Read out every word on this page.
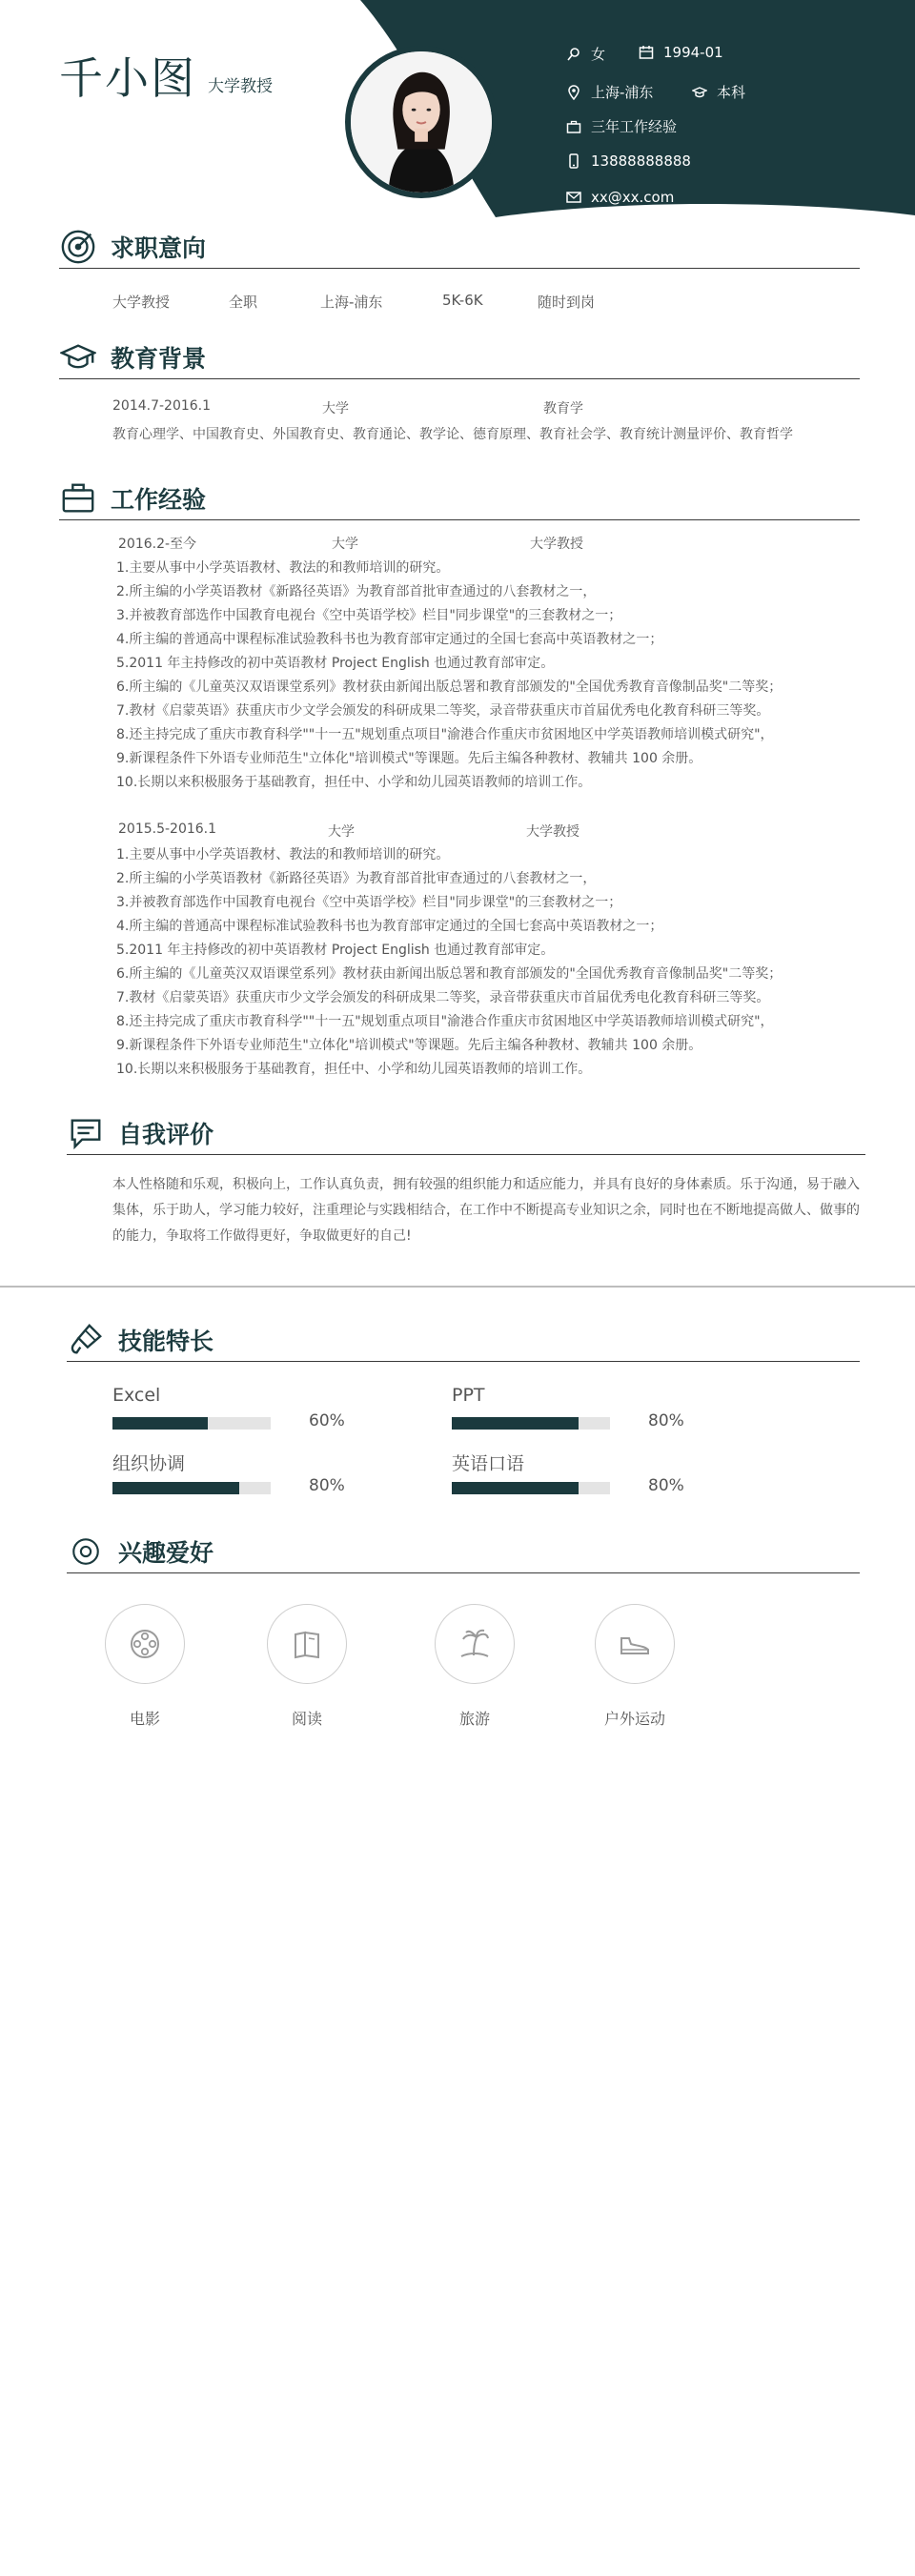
千小图 大学教授
女	1994-01
上海-浦东	本科
三年工作经验
13888888888
xx@xx.com
求职意向
大学教授	全职	上海-浦东	5K-6K	随时到岗
教育背景
2014.7-2016.1	大学	教育学
教育心理学、中国教育史、外国教育史、教育通论、教学论、德育原理、教育社会学、教育统计测量评价、教育哲学
工作经验
2016.2-至今	大学	大学教授
1.主要从事中小学英语教材、教法的和教师培训的研究。
2.所主编的小学英语教材《新路径英语》为教育部首批审查通过的八套教材之一，
3.并被教育部选作中国教育电视台《空中英语学校》栏目"同步课堂"的三套教材之一；
4.所主编的普通高中课程标准试验教科书也为教育部审定通过的全国七套高中英语教材之一；
5.2011 年主持修改的初中英语教材 Project English 也通过教育部审定。
6.所主编的《儿童英汉双语课堂系列》教材获由新闻出版总署和教育部颁发的"全国优秀教育音像制品奖"二等奖；
7.教材《启蒙英语》获重庆市少文学会颁发的科研成果二等奖，录音带获重庆市首届优秀电化教育科研三等奖。
8.还主持完成了重庆市教育科学""十一五"规划重点项目"渝港合作重庆市贫困地区中学英语教师培训模式研究"，
9.新课程条件下外语专业师范生"立体化"培训模式"等课题。先后主编各种教材、教辅共 100 余册。
10.长期以来积极服务于基础教育，担任中、小学和幼儿园英语教师的培训工作。
2015.5-2016.1	大学	大学教授
1.主要从事中小学英语教材、教法的和教师培训的研究。
2.所主编的小学英语教材《新路径英语》为教育部首批审查通过的八套教材之一，
3.并被教育部选作中国教育电视台《空中英语学校》栏目"同步课堂"的三套教材之一；
4.所主编的普通高中课程标准试验教科书也为教育部审定通过的全国七套高中英语教材之一；
5.2011 年主持修改的初中英语教材 Project English 也通过教育部审定。
6.所主编的《儿童英汉双语课堂系列》教材获由新闻出版总署和教育部颁发的"全国优秀教育音像制品奖"二等奖；
7.教材《启蒙英语》获重庆市少文学会颁发的科研成果二等奖，录音带获重庆市首届优秀电化教育科研三等奖。
8.还主持完成了重庆市教育科学""十一五"规划重点项目"渝港合作重庆市贫困地区中学英语教师培训模式研究"，
9.新课程条件下外语专业师范生"立体化"培训模式"等课题。先后主编各种教材、教辅共 100 余册。
10.长期以来积极服务于基础教育，担任中、小学和幼儿园英语教师的培训工作。
自我评价
本人性格随和乐观，积极向上，工作认真负责，拥有较强的组织能力和适应能力，并具有良好的身体素质。乐于沟通，易于融入集体，乐于助人，学习能力较好，注重理论与实践相结合，在工作中不断提高专业知识之余，同时也在不断地提高做人、做事的的能力，争取将工作做得更好，争取做更好的自己!
技能特长
Excel
60%
PPT
80%
组织协调
80%
英语口语
80%
兴趣爱好
电影	阅读	旅游	户外运动
